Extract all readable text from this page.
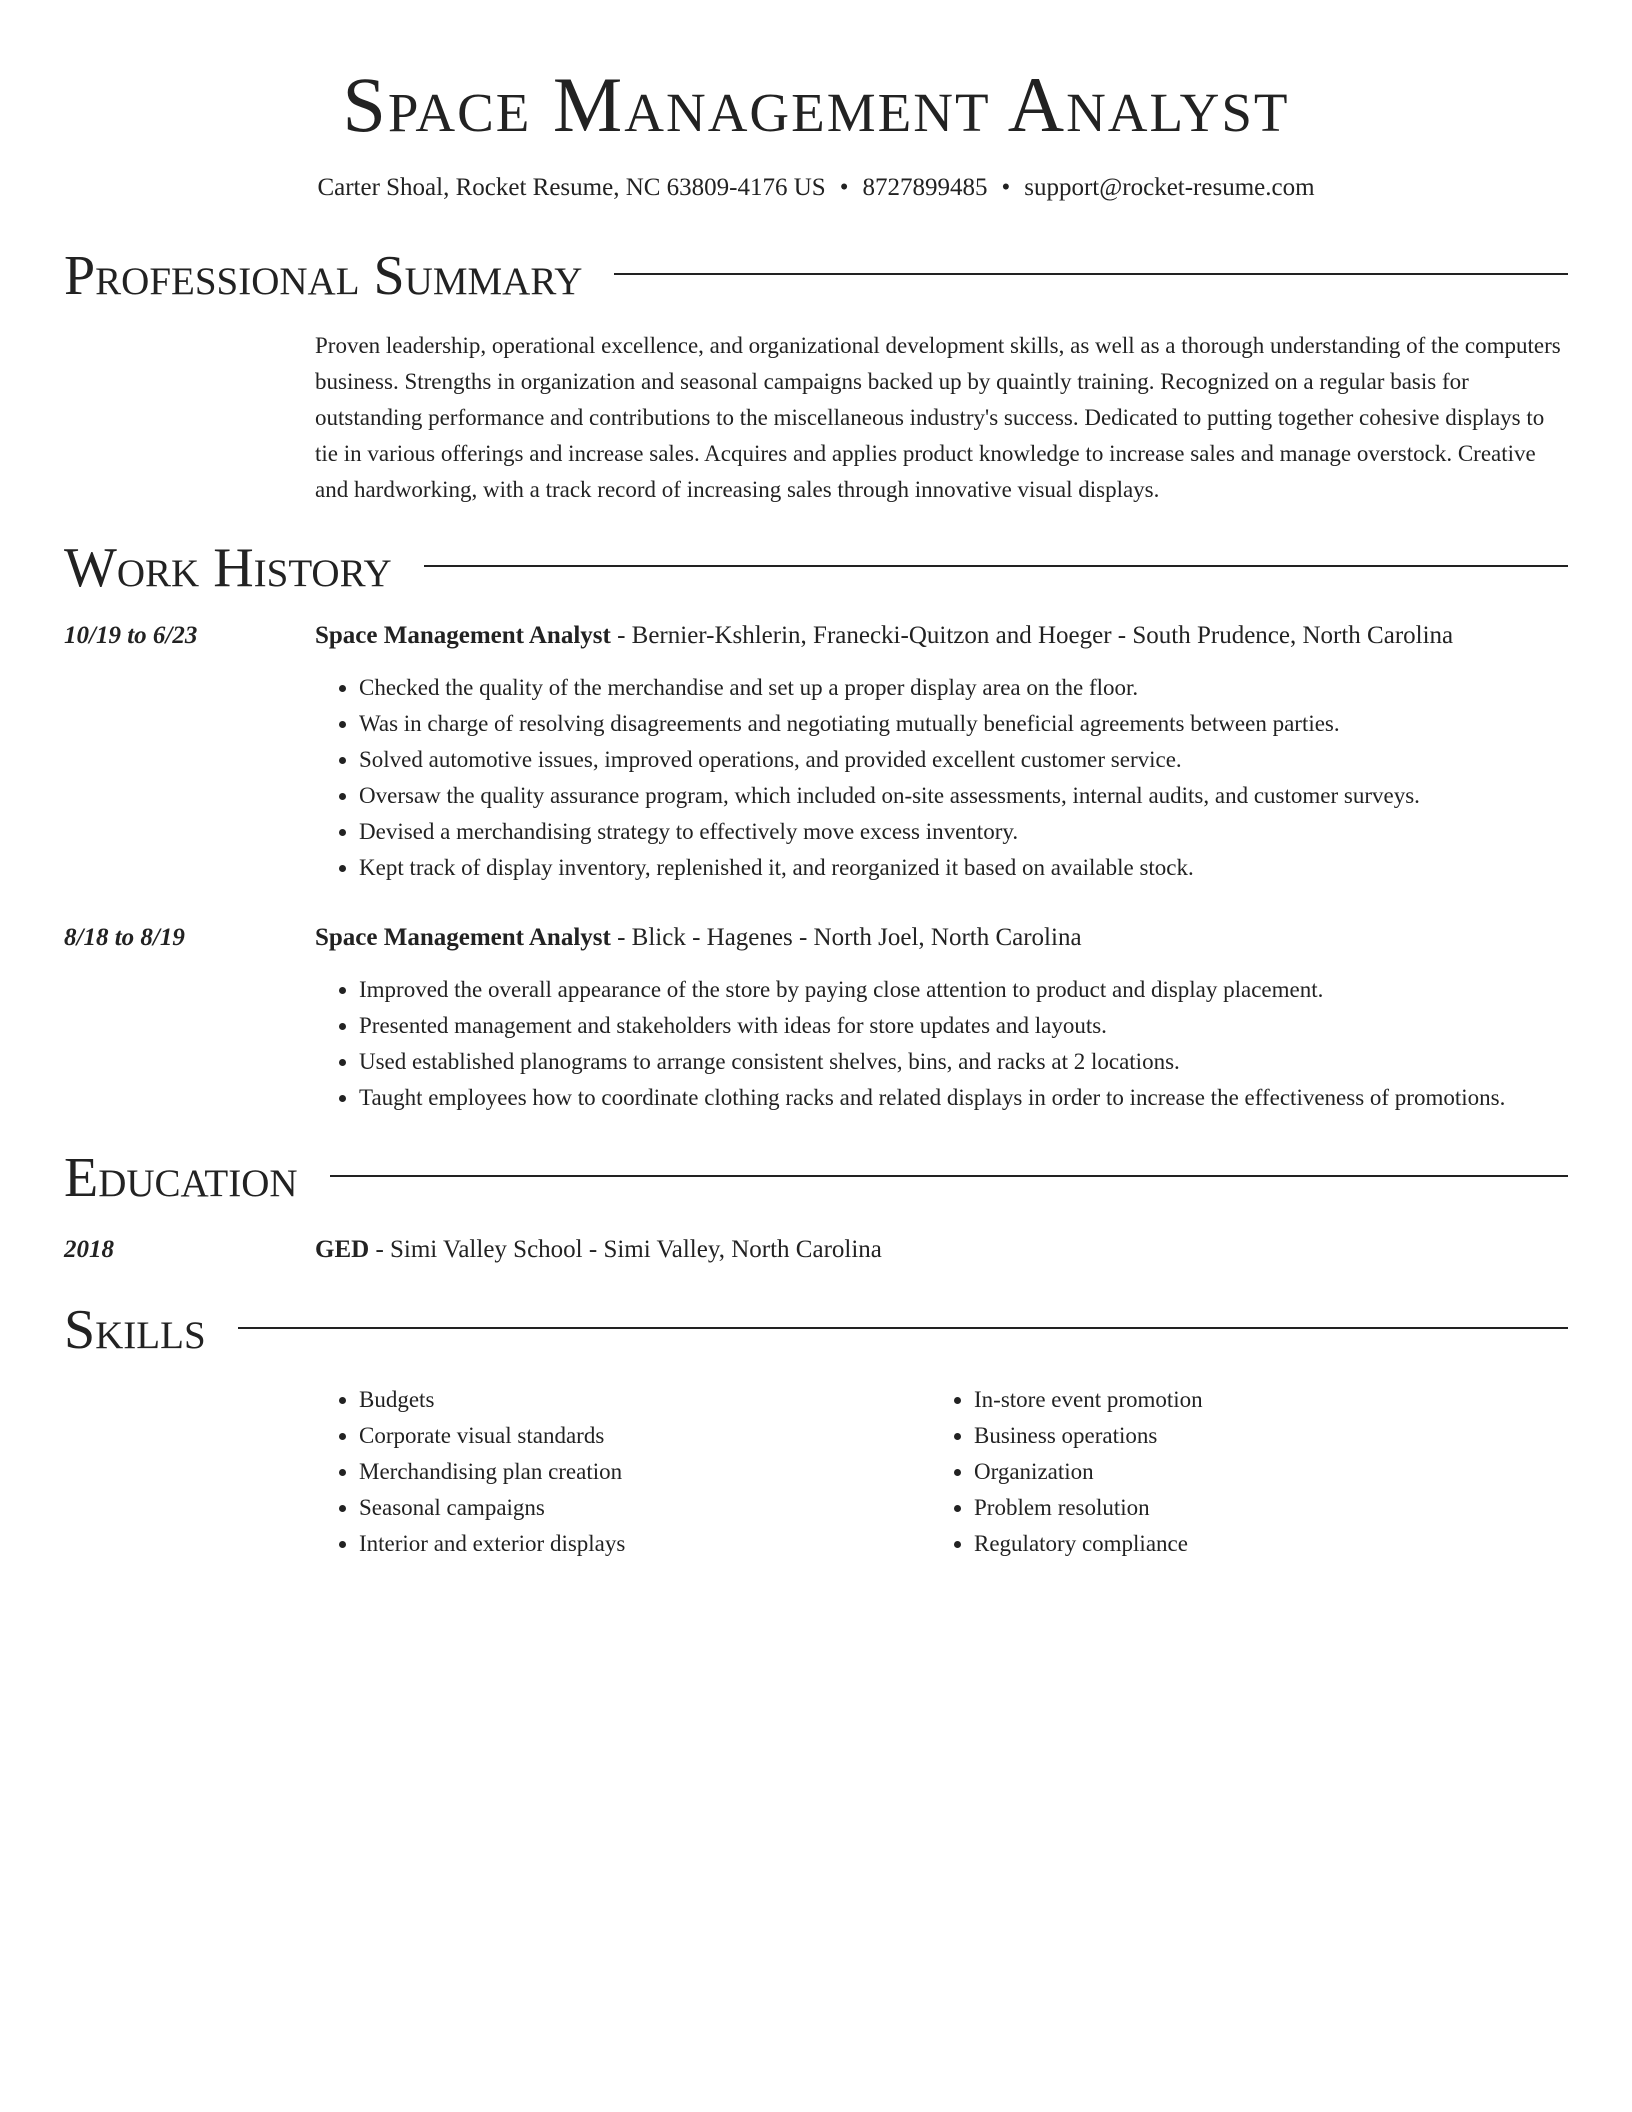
Space Management Analyst
Carter Shoal, Rocket Resume, NC 63809-4176 US • 8727899485 • support@rocket-resume.com
Professional Summary
Proven leadership, operational excellence, and organizational development skills, as well as a thorough understanding of the computers business. Strengths in organization and seasonal campaigns backed up by quaintly training. Recognized on a regular basis for outstanding performance and contributions to the miscellaneous industry's success. Dedicated to putting together cohesive displays to tie in various offerings and increase sales. Acquires and applies product knowledge to increase sales and manage overstock. Creative and hardworking, with a track record of increasing sales through innovative visual displays.
Work History
10/19 to 6/23	Space Management Analyst - Bernier-Kshlerin, Franecki-Quitzon and Hoeger - South Prudence, North Carolina
• Checked the quality of the merchandise and set up a proper display area on the floor.
• Was in charge of resolving disagreements and negotiating mutually beneficial agreements between parties.
• Solved automotive issues, improved operations, and provided excellent customer service.
• Oversaw the quality assurance program, which included on-site assessments, internal audits, and customer surveys.
• Devised a merchandising strategy to effectively move excess inventory.
• Kept track of display inventory, replenished it, and reorganized it based on available stock.
8/18 to 8/19	Space Management Analyst - Blick - Hagenes - North Joel, North Carolina
• Improved the overall appearance of the store by paying close attention to product and display placement.
• Presented management and stakeholders with ideas for store updates and layouts.
• Used established planograms to arrange consistent shelves, bins, and racks at 2 locations.
• Taught employees how to coordinate clothing racks and related displays in order to increase the effectiveness of promotions.
Education
2018	GED - Simi Valley School - Simi Valley, North Carolina
Skills
• Budgets
• Corporate visual standards
• Merchandising plan creation
• Seasonal campaigns
• Interior and exterior displays
• In-store event promotion
• Business operations
• Organization
• Problem resolution
• Regulatory compliance
